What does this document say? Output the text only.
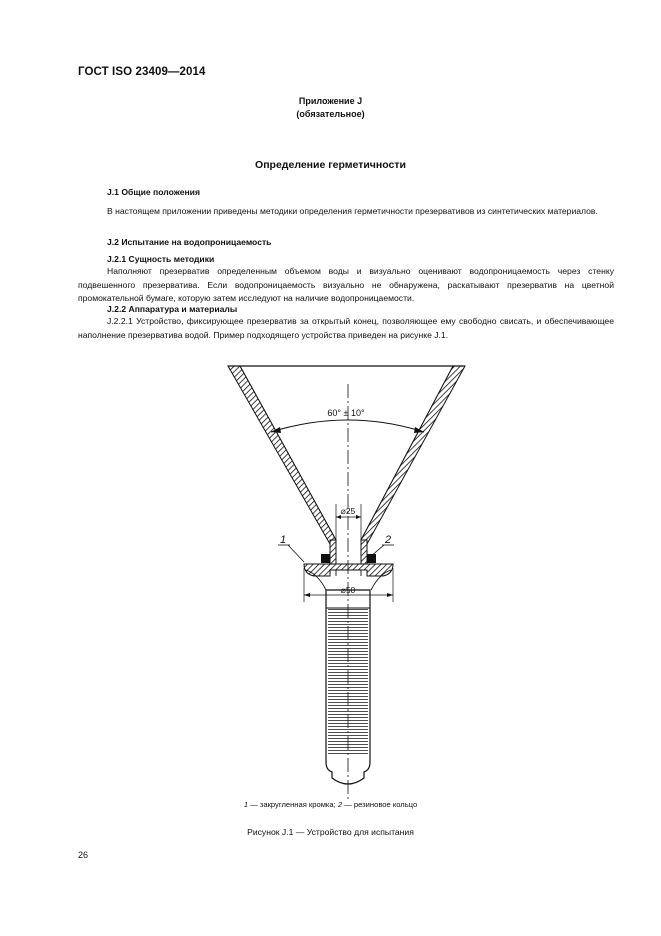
ГОСТ ISO 23409—2014
Приложение J
(обязательное)
Определение герметичности
J.1 Общие положения
В настоящем приложении приведены методики определения герметичности презервативов из синтетических материалов.
J.2 Испытание на водопроницаемость
J.2.1 Сущность методики
Наполняют презерватив определенным объемом воды и визуально оценивают водопроницаемость через стенку подвешенного презерватива. Если водопроницаемость визуально не обнаружена, раскатывают презерватив на цветной промокательной бумаге, которую затем исследуют на наличие водопроницаемости.
J.2.2 Аппаратура и материалы
J.2.2.1 Устройство, фиксирующее презерватив за открытый конец, позволяющее ему свободно свисать, и обеспечивающее наполнение презерватива водой. Пример подходящего устройства приведен на рисунке J.1.
60° ± 10°
⌀25
⌀50
1	2
1 — закругленная кромка; 2 — резиновое кольцо
Рисунок J.1 — Устройство для испытания
26
